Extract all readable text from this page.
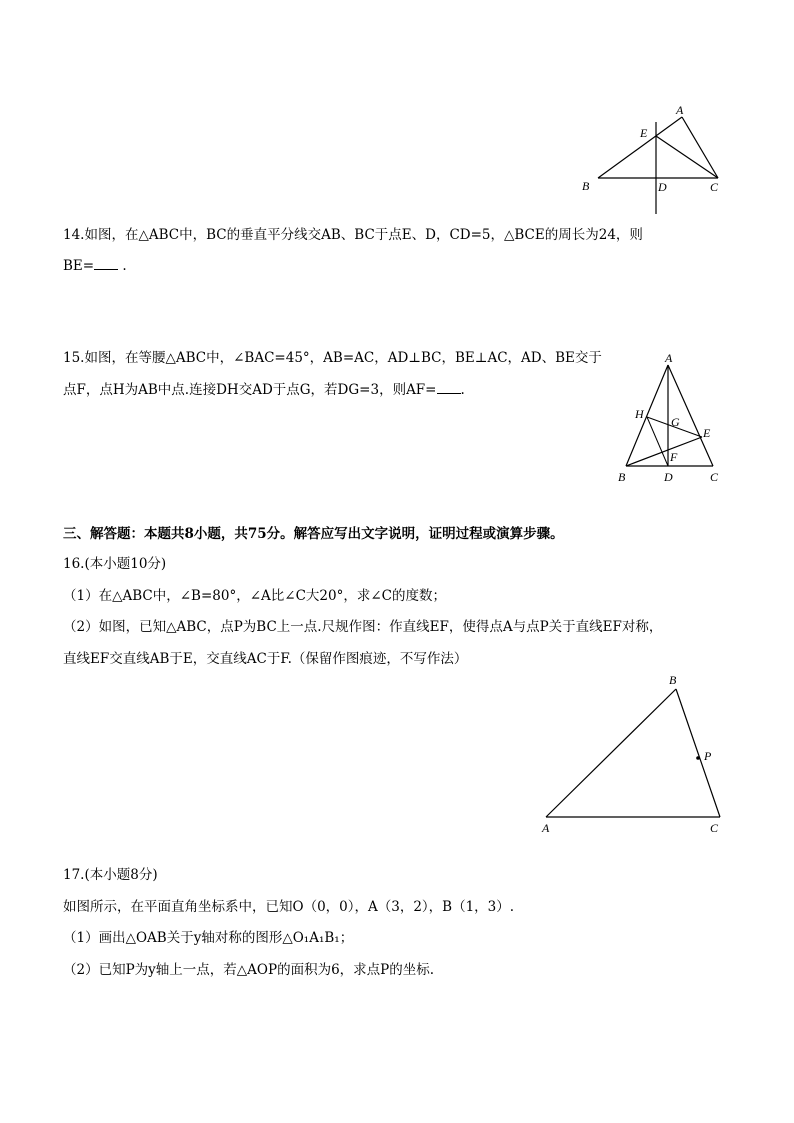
A
E
B	D	C
14.如图，在△ABC中，BC的垂直平分线交AB、BC于点E、D，CD=5，△BCE的周长为24，则
BE= .
15.如图，在等腰△ABC中，∠BAC=45°，AB=AC，AD⊥BC，BE⊥AC，AD、BE交于
点F，点H为AB中点.连接DH交AD于点G，若DG=3，则AF= .
A
H
G
E
F
B	D	C
三、解答题：本题共8小题，共75分。解答应写出文字说明，证明过程或演算步骤。
16.(本小题10分)
（1）在△ABC中，∠B=80°，∠A比∠C大20°，求∠C的度数；
（2）如图，已知△ABC，点P为BC上一点.尺规作图：作直线EF，使得点A与点P关于直线EF对称，
直线EF交直线AB于E，交直线AC于F.（保留作图痕迹，不写作法）
B
P
A	C
17.(本小题8分)
如图所示，在平面直角坐标系中，已知O（0，0），A（3，2），B（1，3）.
（1）画出△OAB关于y轴对称的图形△O₁A₁B₁；
（2）已知P为y轴上一点，若△AOP的面积为6，求点P的坐标.
